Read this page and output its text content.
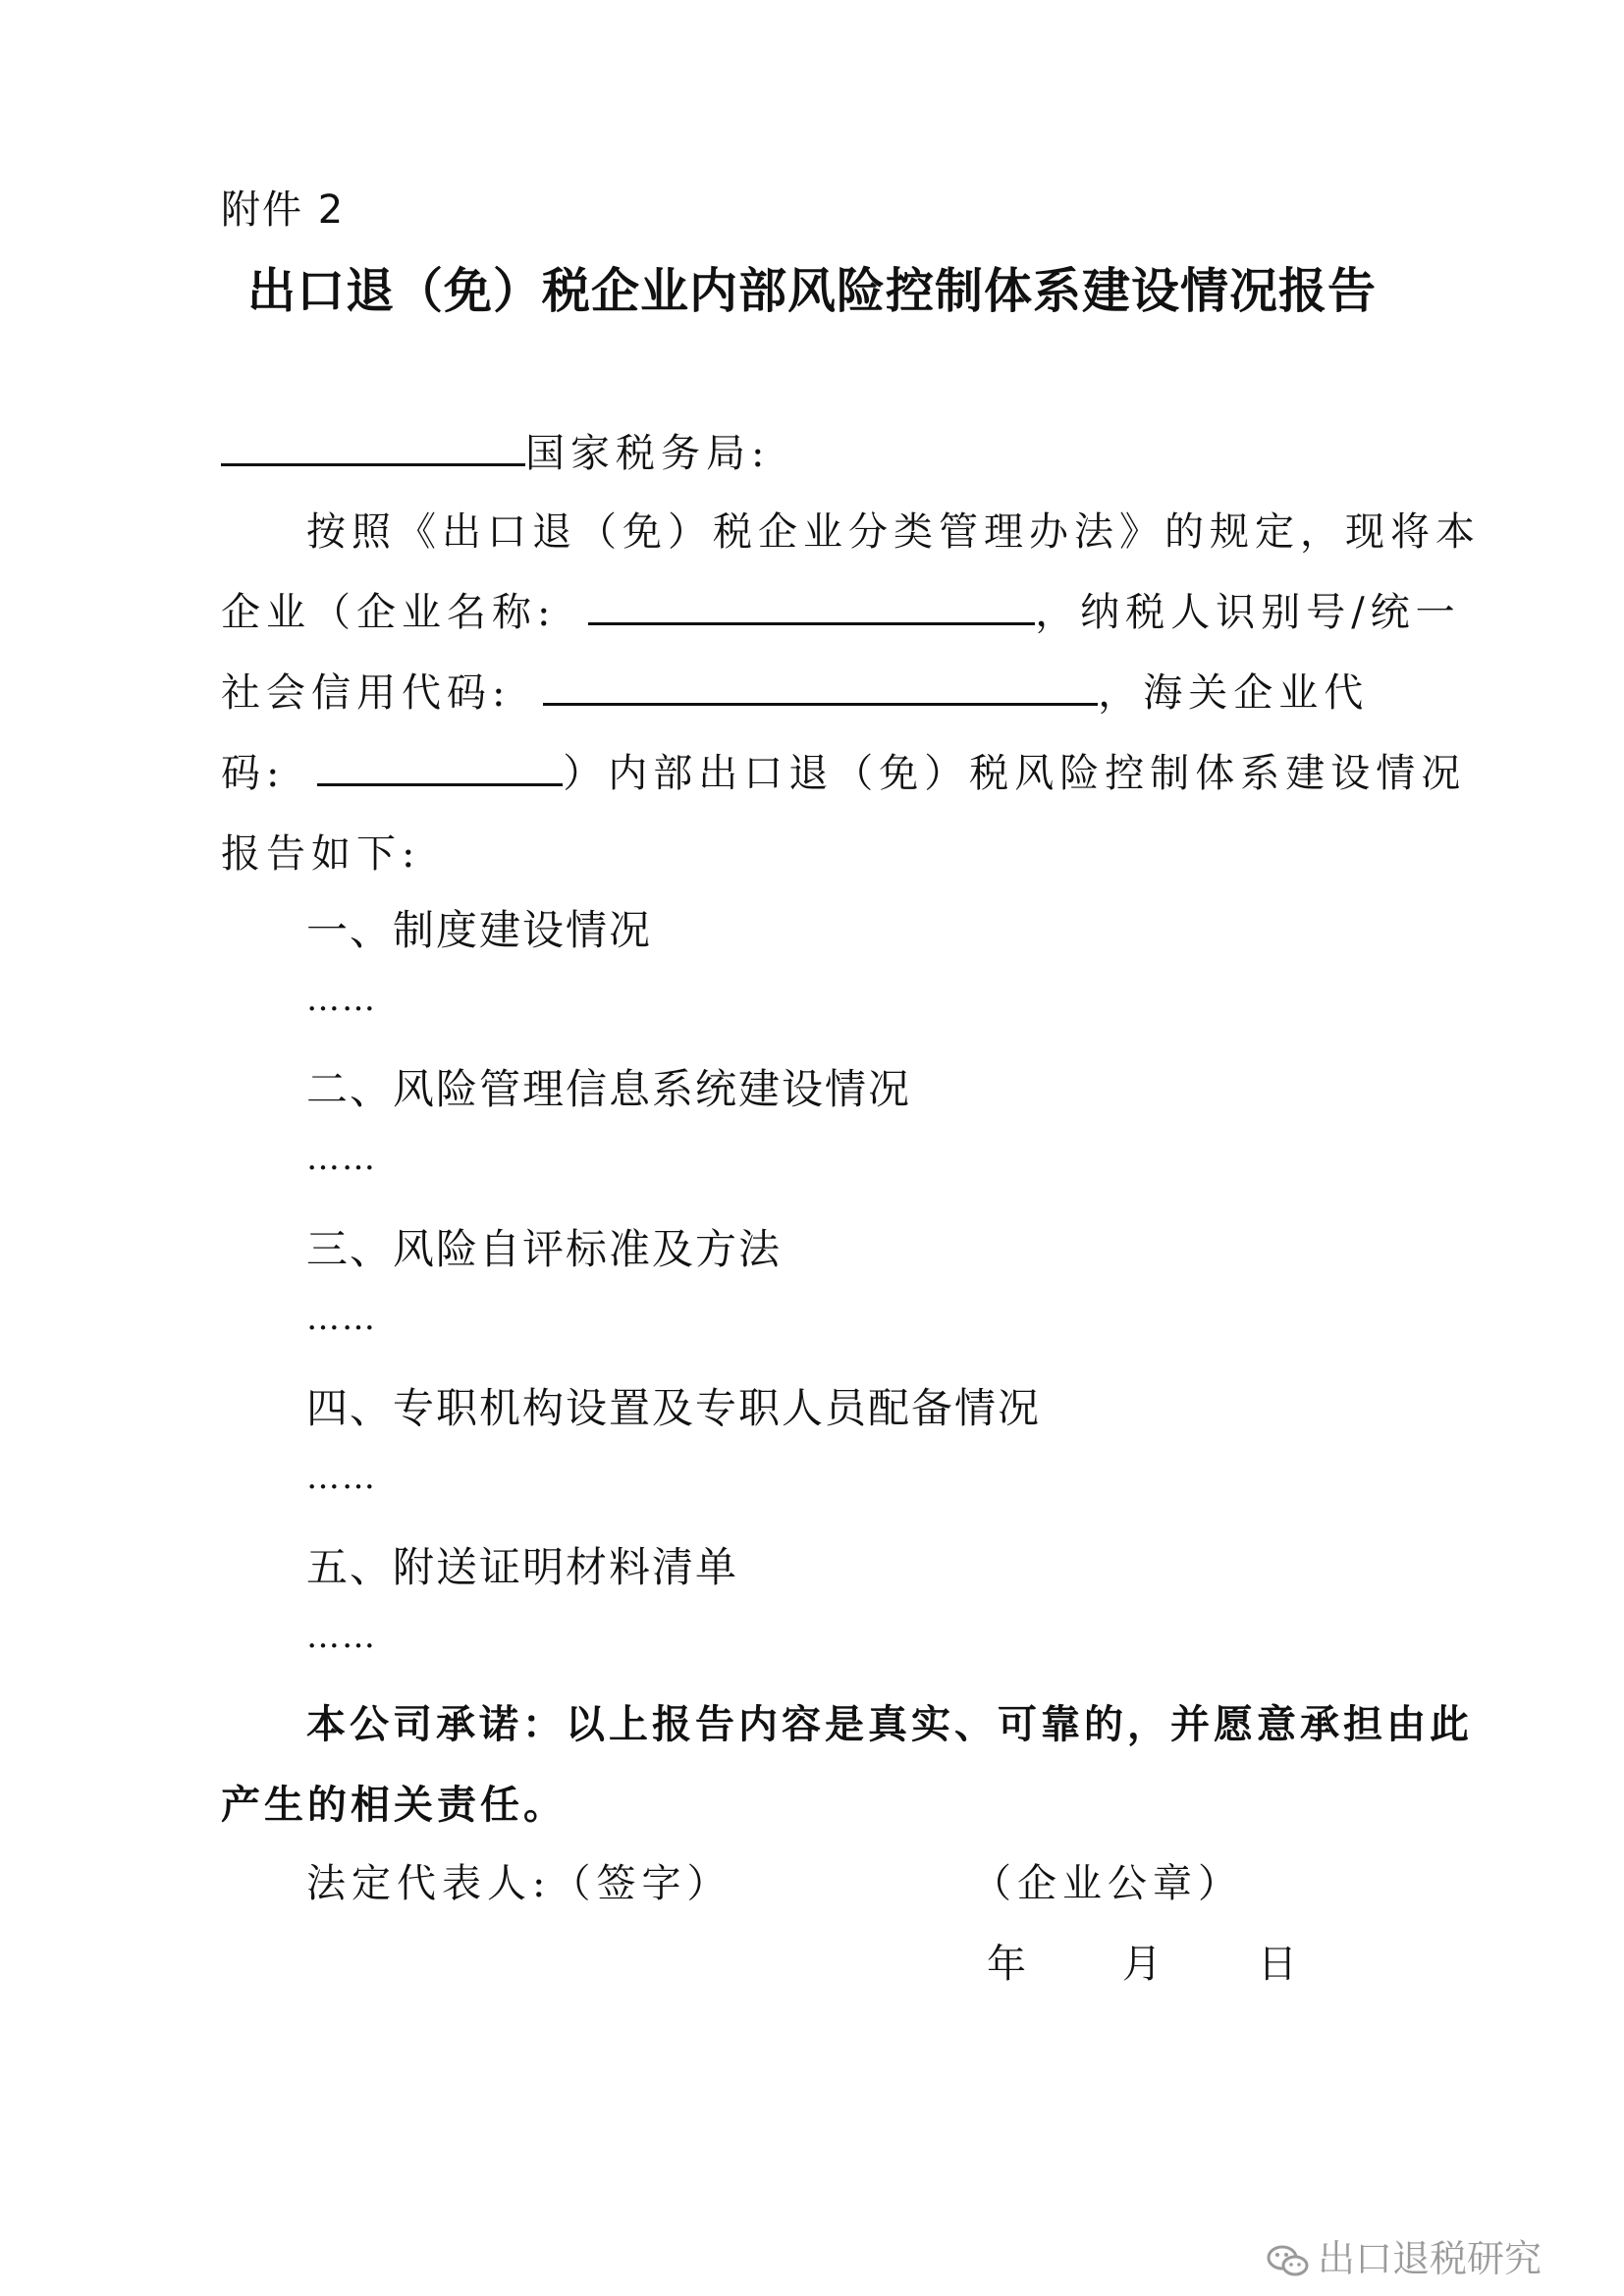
附件 2
出口退（免）税企业内部风险控制体系建设情况报告
国家税务局:
按照《出口退（免）税企业分类管理办法》的规定，现将本
企业（企业名称:	，纳税人识别号/统一
社会信用代码:	，海关企业代
码:	）内部出口退（免）税风险控制体系建设情况
报告如下:
一、制度建设情况
……
二、风险管理信息系统建设情况
……
三、风险自评标准及方法
……
四、专职机构设置及专职人员配备情况
……
五、附送证明材料清单
……
本公司承诺：以上报告内容是真实、可靠的，并愿意承担由此
产生的相关责任。
法定代表人:（签字）	（企业公章）
年　　月　　日
出口退税研究
